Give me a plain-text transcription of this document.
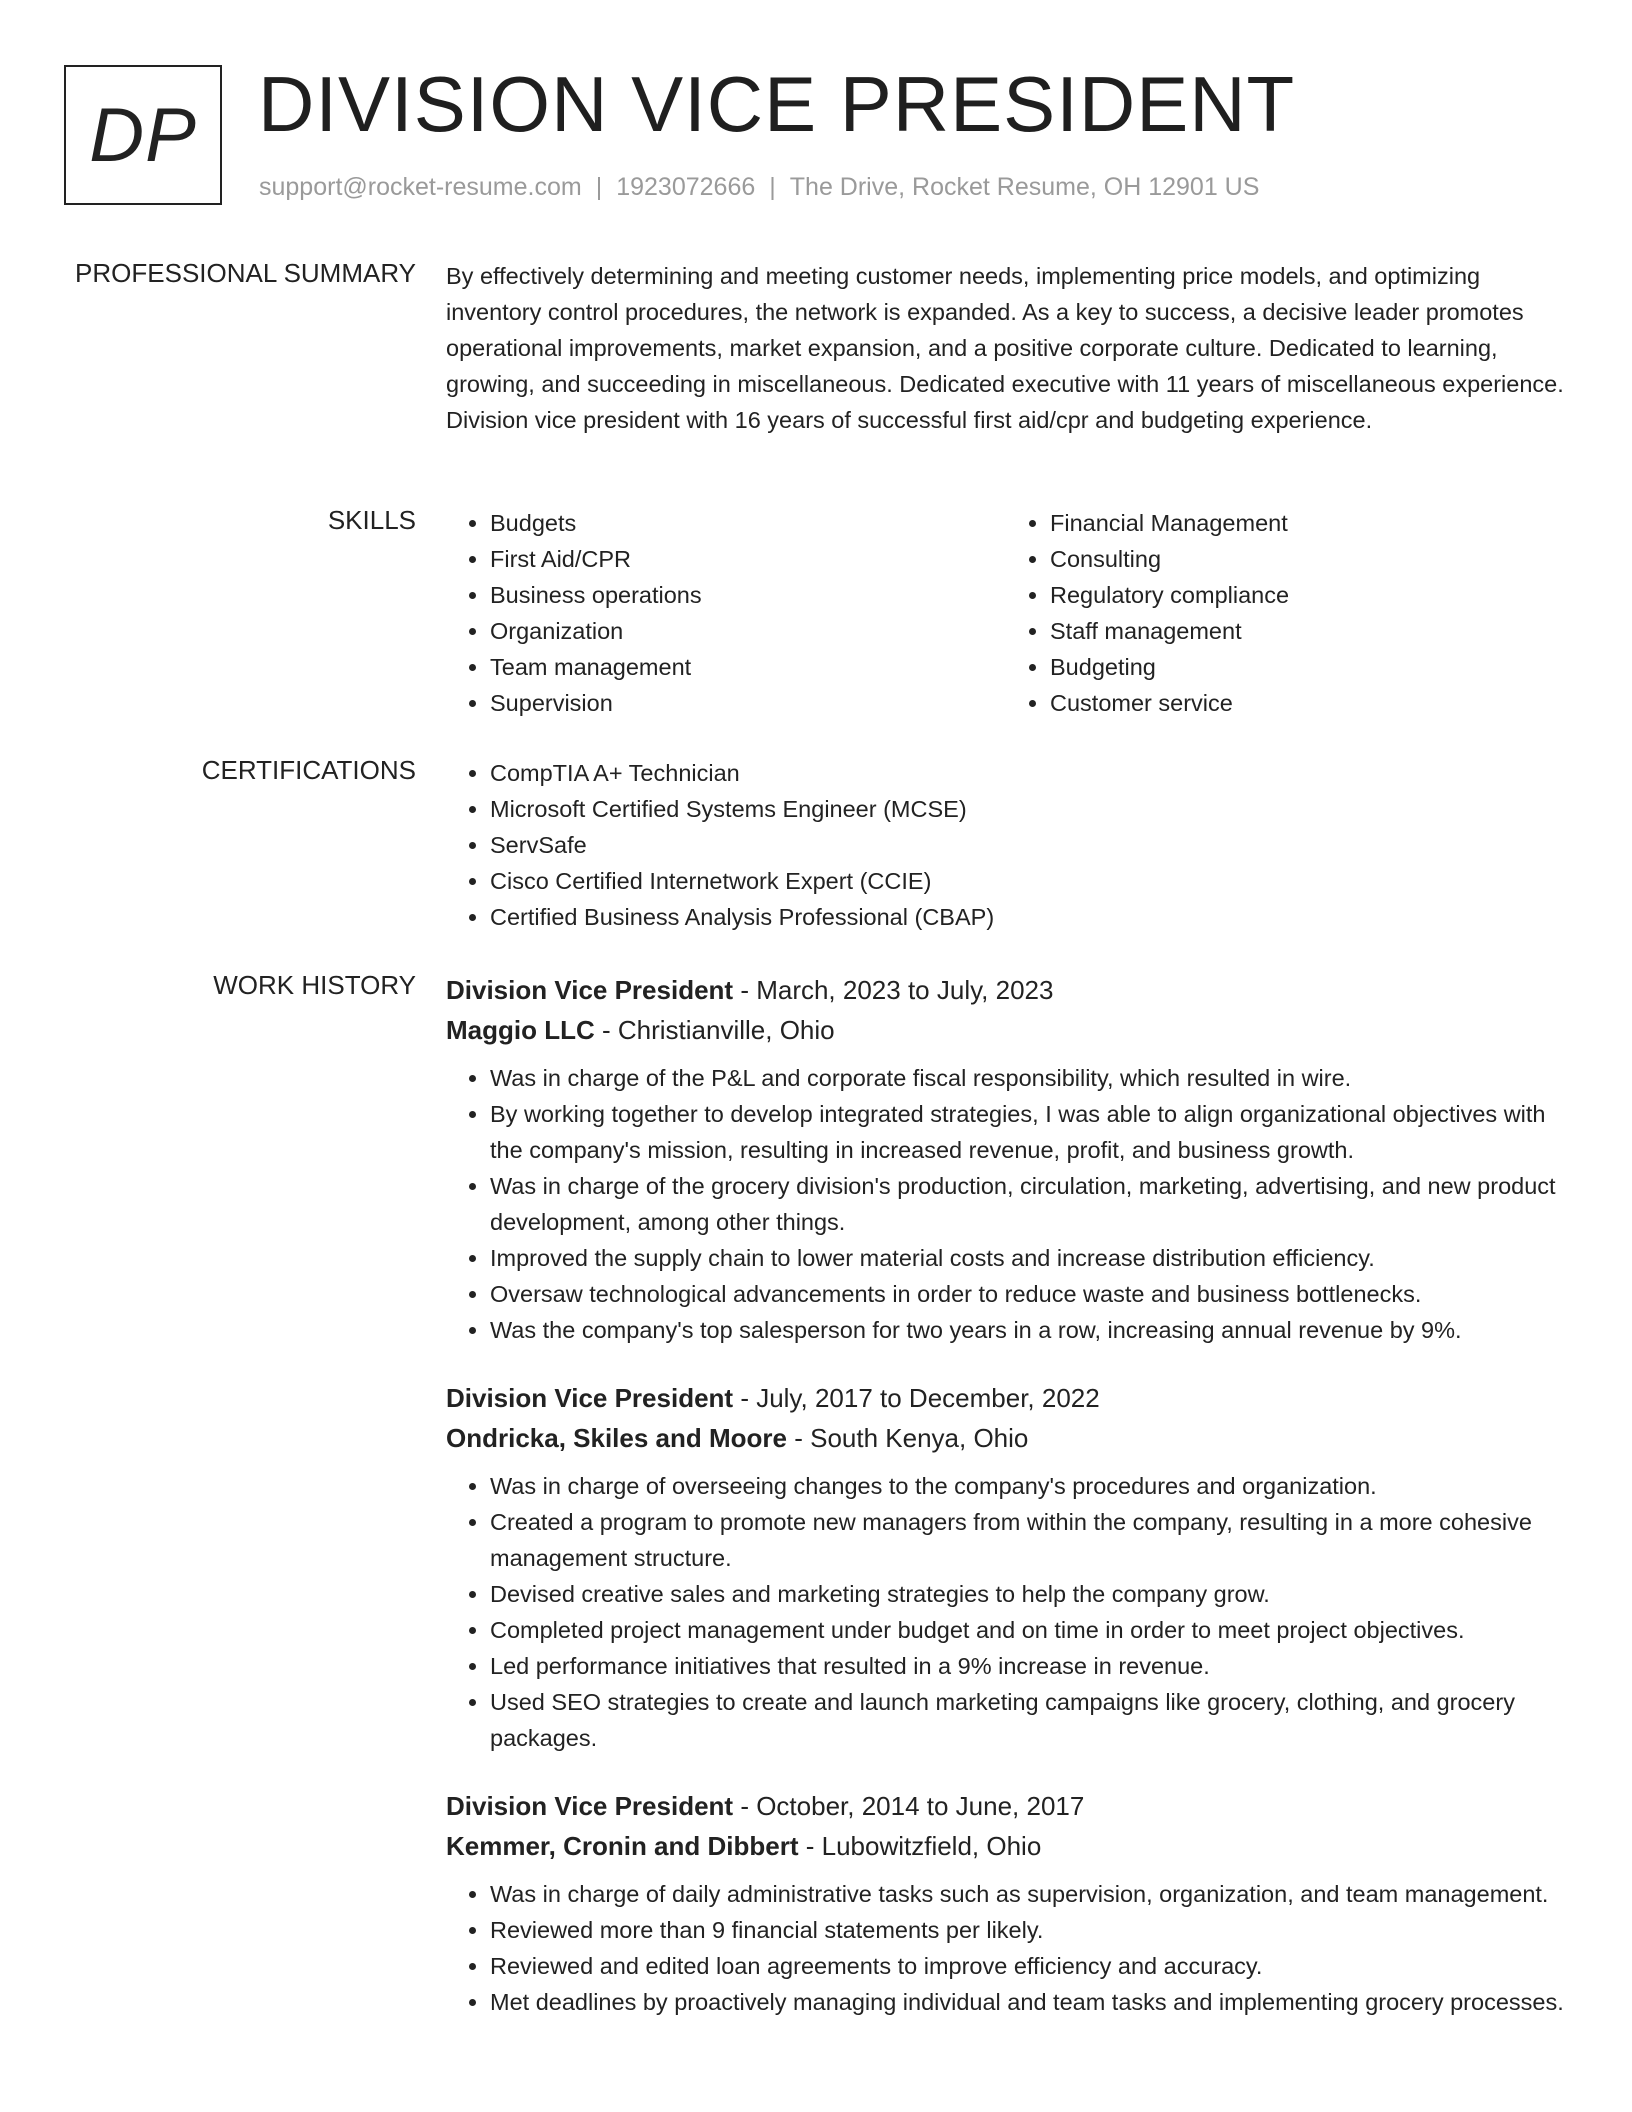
DP DIVISION VICE PRESIDENT
support@rocket-resume.com | 1923072666 | The Drive, Rocket Resume, OH 12901 US
PROFESSIONAL SUMMARY By effectively determining and meeting customer needs, implementing price models, and optimizing inventory control procedures, the network is expanded. As a key to success, a decisive leader promotes operational improvements, market expansion, and a positive corporate culture. Dedicated to learning, growing, and succeeding in miscellaneous. Dedicated executive with 11 years of miscellaneous experience. Division vice president with 16 years of successful first aid/cpr and budgeting experience.

SKILLS	• Budgets
• First Aid/CPR
• Business operations
• Organization
• Team management
• Supervision
• Financial Management
• Consulting
• Regulatory compliance
• Staff management
• Budgeting
• Customer service
CERTIFICATIONS	• CompTIA A+ Technician
• Microsoft Certified Systems Engineer (MCSE)
• ServSafe
• Cisco Certified Internetwork Expert (CCIE)
• Certified Business Analysis Professional (CBAP)
WORK HISTORY Division Vice President - March, 2023 to July, 2023
Maggio LLC - Christianville, Ohio
• Was in charge of the P&L and corporate fiscal responsibility, which resulted in wire.
• By working together to develop integrated strategies, I was able to align organizational objectives with the company's mission, resulting in increased revenue, profit, and business growth.
• Was in charge of the grocery division's production, circulation, marketing, advertising, and new product development, among other things.
• Improved the supply chain to lower material costs and increase distribution efficiency.
• Oversaw technological advancements in order to reduce waste and business bottlenecks.
• Was the company's top salesperson for two years in a row, increasing annual revenue by 9%.
Division Vice President - July, 2017 to December, 2022
Ondricka, Skiles and Moore - South Kenya, Ohio
• Was in charge of overseeing changes to the company's procedures and organization.
• Created a program to promote new managers from within the company, resulting in a more cohesive management structure.
• Devised creative sales and marketing strategies to help the company grow.
• Completed project management under budget and on time in order to meet project objectives.
• Led performance initiatives that resulted in a 9% increase in revenue.
• Used SEO strategies to create and launch marketing campaigns like grocery, clothing, and grocery packages.
Division Vice President - October, 2014 to June, 2017
Kemmer, Cronin and Dibbert - Lubowitzfield, Ohio
• Was in charge of daily administrative tasks such as supervision, organization, and team management.
• Reviewed more than 9 financial statements per likely.
• Reviewed and edited loan agreements to improve efficiency and accuracy.
• Met deadlines by proactively managing individual and team tasks and implementing grocery processes.
